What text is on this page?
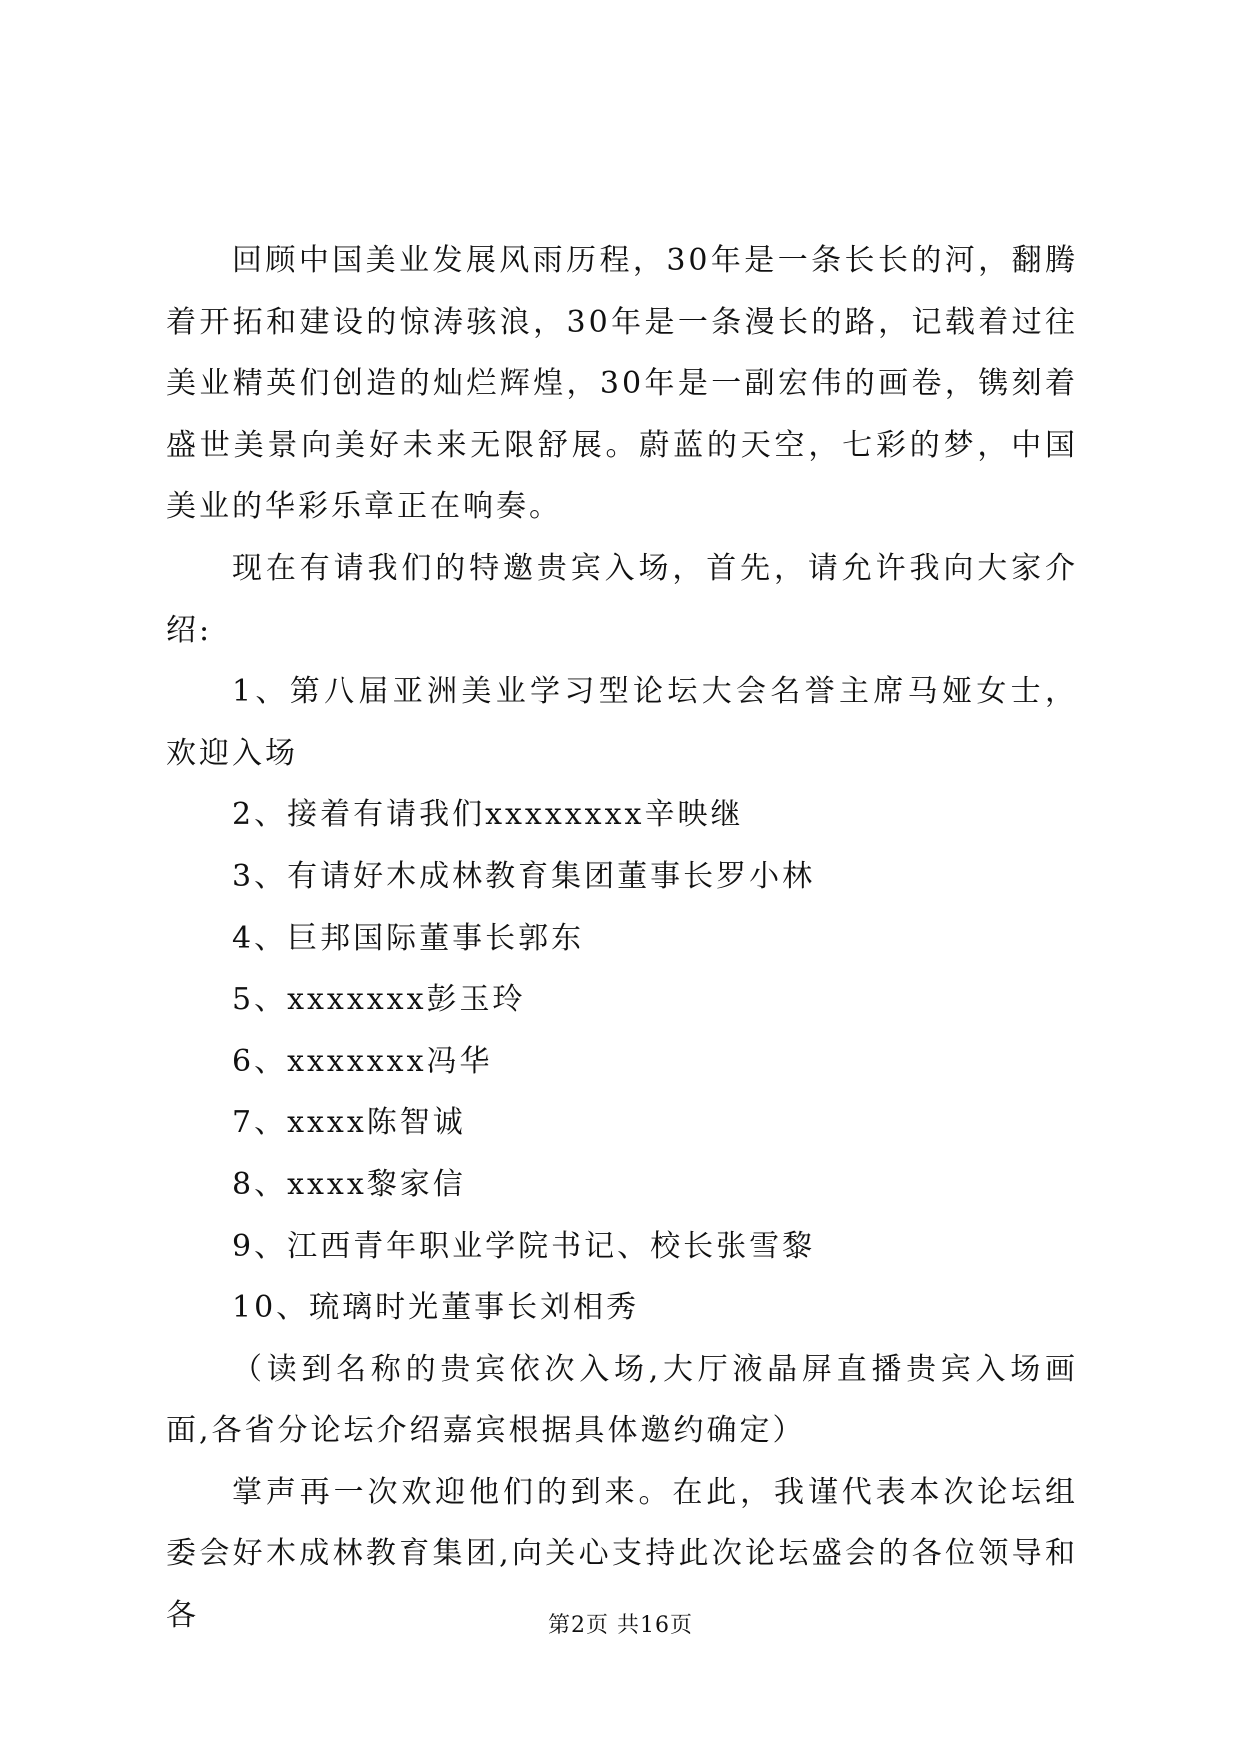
回顾中国美业发展风雨历程，30年是一条长长的河，翻腾着开拓和建设的惊涛骇浪，30年是一条漫长的路，记载着过往美业精英们创造的灿烂辉煌，30年是一副宏伟的画卷，镌刻着盛世美景向美好未来无限舒展。蔚蓝的天空，七彩的梦，中国美业的华彩乐章正在响奏。

现在有请我们的特邀贵宾入场，首先，请允许我向大家介绍:

1、第八届亚洲美业学习型论坛大会名誉主席马娅女士，欢迎入场

2、接着有请我们xxxxxxxx辛映继

3、有请好木成林教育集团董事长罗小林

4、巨邦国际董事长郭东

5、xxxxxxx彭玉玲

6、xxxxxxx冯华

7、xxxx陈智诚

8、xxxx黎家信

9、江西青年职业学院书记、校长张雪黎

10、琉璃时光董事长刘相秀

（读到名称的贵宾依次入场,大厅液晶屏直播贵宾入场画面,各省分论坛介绍嘉宾根据具体邀约确定）

掌声再一次欢迎他们的到来。在此，我谨代表本次论坛组委会好木成林教育集团,向关心支持此次论坛盛会的各位领导和各	第2页 共16页
